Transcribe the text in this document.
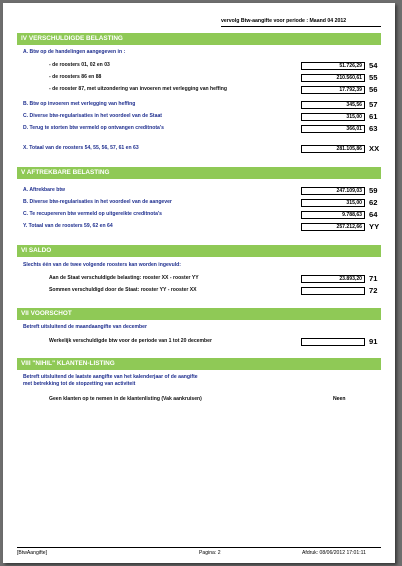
vervolg Btw-aangifte voor periode : Maand 04 2012
IV VERSCHULDIGDE BELASTING
A. Btw op de handelingen aangegeven in :
- de roosters 01, 02 en 03	51.726,29 54
- de roosters 86 en 88	210.560,61 55
- de rooster 87, met uitzondering van invoeren met verlegging van heffing	17.792,39 56
B. Btw op invoeren met verlegging van heffing	345,56 57
C. Diverse btw-regularisaties in het voordeel van de Staat	315,00 61
D. Terug te storten btw vermeld op ontvangen creditnota's	366,01 63
X. Totaal van de roosters 54, 55, 56, 57, 61 en 63	281.105,86 XX
V AFTREKBARE BELASTING
A. Aftrekbare btw	247.109,03 59
B. Diverse btw-regularisaties in het voordeel van de aangever	315,00 62
C. Te recupereren btw vermeld op uitgereikte creditnota's	9.788,63 64
Y. Totaal van de roosters 59, 62 en 64	257.212,66 YY
VI SALDO
Slechts één van de twee volgende roosters kan worden ingevuld:
Aan de Staat verschuldigde belasting: rooster XX - rooster YY	23.893,20 71
Sommen verschuldigd door de Staat: rooster YY - rooster XX	72
VII VOORSCHOT
Betreft uitsluitend de maandaangifte van december
Werkelijk verschuldigde btw voor de periode van 1 tot 20 december	91
VIII "NIHIL" KLANTEN-LISTING
Betreft uitsluitend de laatste aangifte van het kalenderjaar of de aangifte
met betrekking tot de stopzetting van activiteit
Geen klanten op te nemen in de klantenlisting (Vak aankruisen)	Neen
[BtwAangifte]	Pagina: 2	Afdruk: 08/06/2012 17:01:11
